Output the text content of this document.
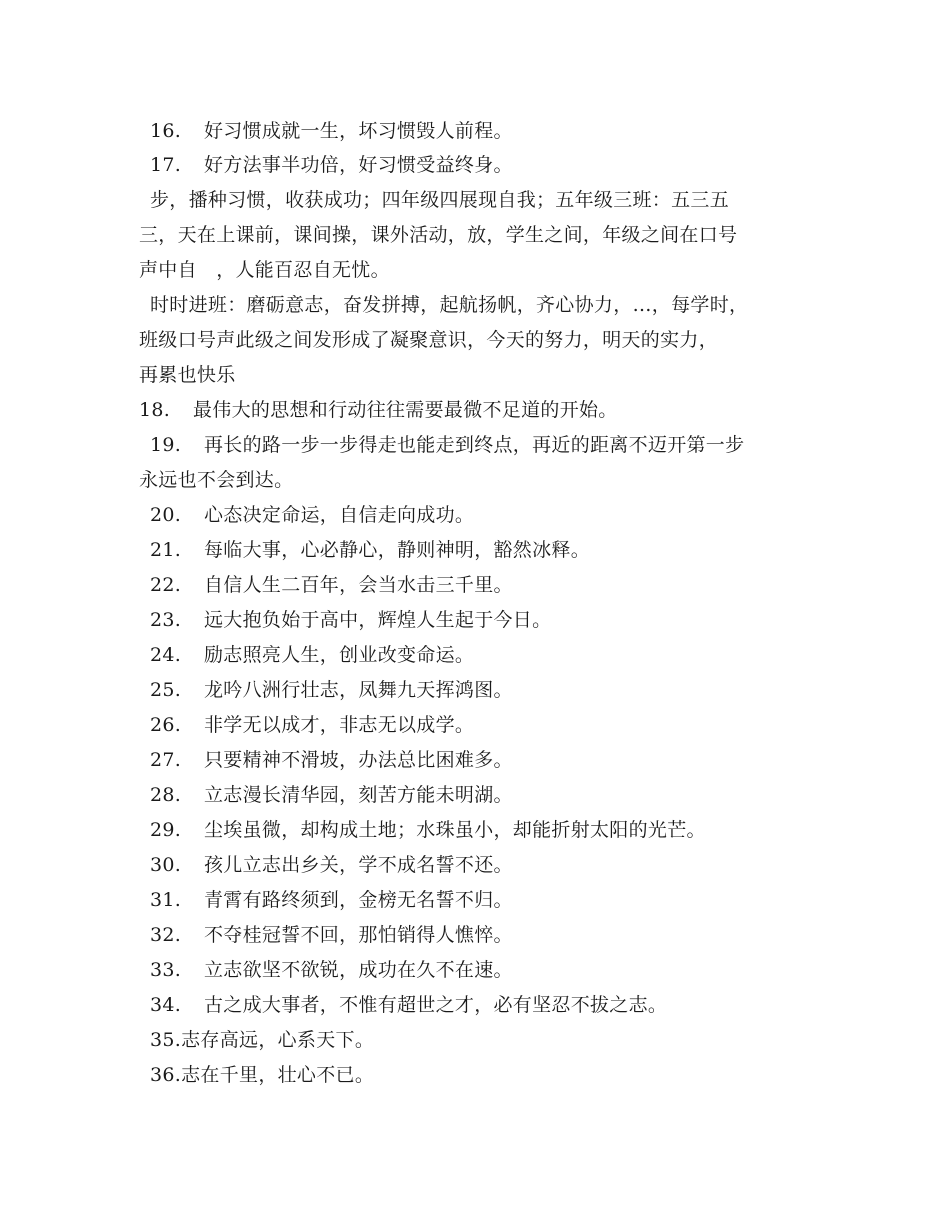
16. 好习惯成就一生，坏习惯毁人前程。
17. 好方法事半功倍，好习惯受益终身。
步，播种习惯，收获成功；四年级四展现自我；五年级三班：五三五
三，天在上课前，课间操，课外活动，放，学生之间，年级之间在口号
声中自　，人能百忍自无忧。
时时进班：磨砺意志，奋发拼搏，起航扬帆，齐心协力，…，每学时，
班级口号声此级之间发形成了凝聚意识，今天的努力，明天的实力，
再累也快乐
18. 最伟大的思想和行动往往需要最微不足道的开始。
19. 再长的路一步一步得走也能走到终点，再近的距离不迈开第一步
永远也不会到达。
20. 心态决定命运，自信走向成功。
21. 每临大事，心必静心，静则神明，豁然冰释。
22. 自信人生二百年，会当水击三千里。
23. 远大抱负始于高中，辉煌人生起于今日。
24. 励志照亮人生，创业改变命运。
25. 龙吟八洲行壮志，凤舞九天挥鸿图。
26. 非学无以成才，非志无以成学。
27. 只要精神不滑坡，办法总比困难多。
28. 立志漫长清华园，刻苦方能未明湖。
29. 尘埃虽微，却构成土地；水珠虽小，却能折射太阳的光芒。
30. 孩儿立志出乡关，学不成名誓不还。
31. 青霄有路终须到，金榜无名誓不归。
32. 不夺桂冠誓不回，那怕销得人憔悴。
33. 立志欲坚不欲锐，成功在久不在速。
34. 古之成大事者，不惟有超世之才，必有坚忍不拔之志。
35.志存高远，心系天下。
36.志在千里，壮心不已。
